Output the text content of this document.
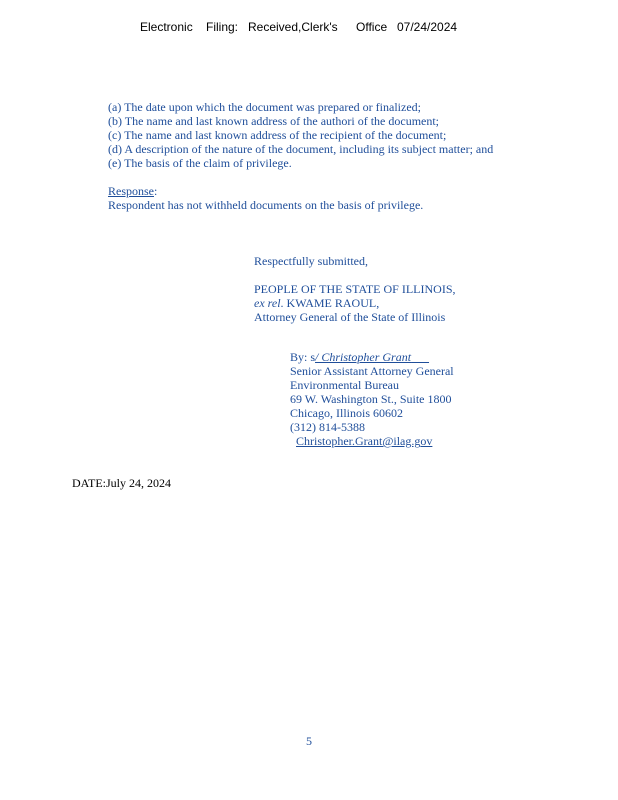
Electronic Filing: Received,Clerk's Office 07/24/2024
(a) The date upon which the document was prepared or finalized;
(b) The name and last known address of the authori of the document;
(c) The name and last known address of the recipient of the document;
(d) A description of the nature of the document, including its subject matter; and
(e) The basis of the claim of privilege.
Response:
Respondent has not withheld documents on the basis of privilege.
Respectfully submitted,
PEOPLE OF THE STATE OF ILLINOIS,
ex rel. KWAME RAOUL,
Attorney General of the State of Illinois
By: s/ Christopher Grant
Senior Assistant Attorney General
Environmental Bureau
69 W. Washington St., Suite 1800
Chicago, Illinois 60602
(312) 814-5388
Christopher.Grant@ilag.gov
DATE:July 24, 2024
5
